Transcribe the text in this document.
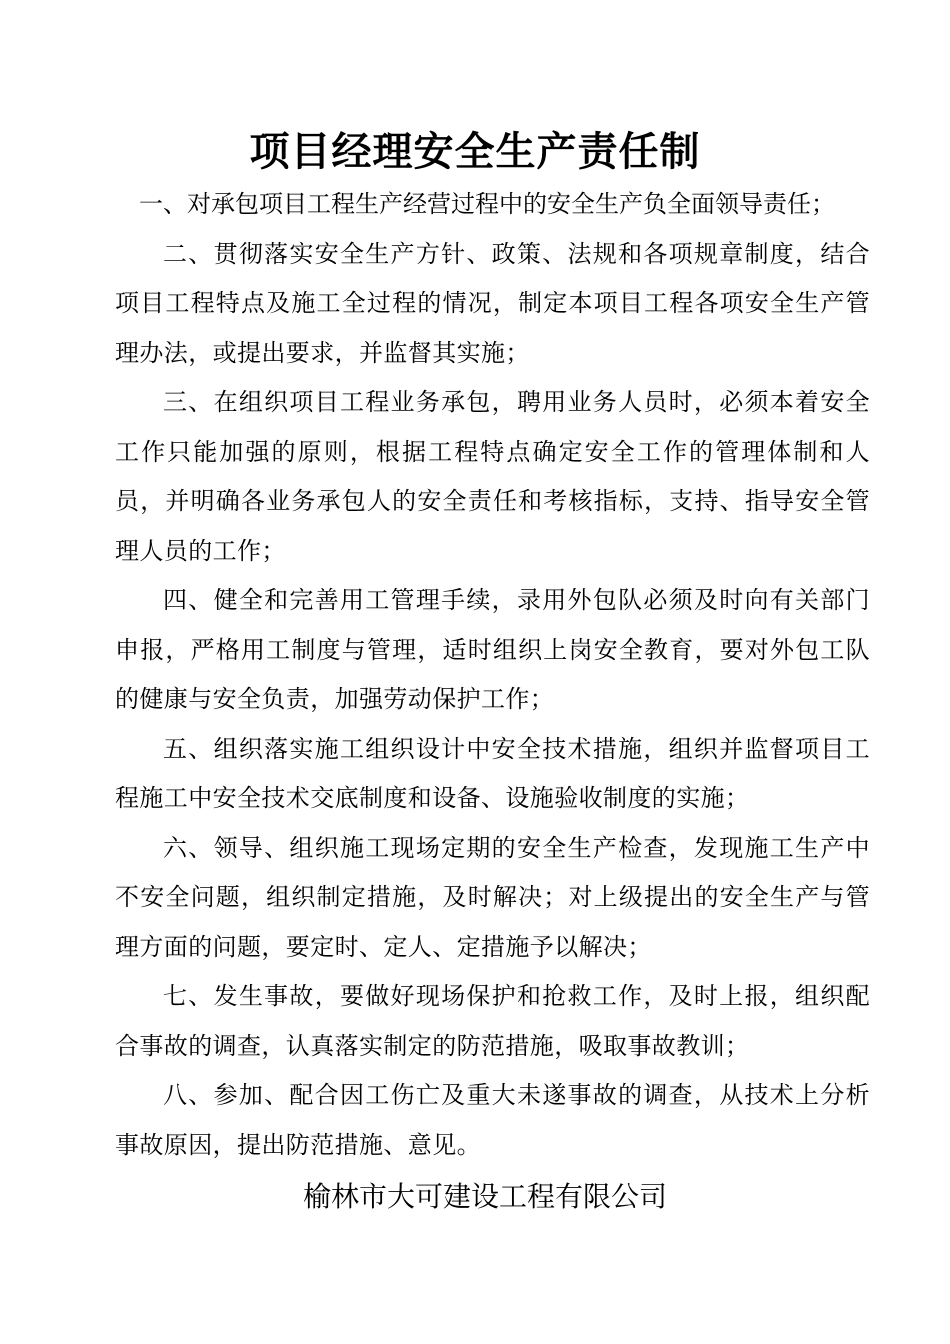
项目经理安全生产责任制

一、对承包项目工程生产经营过程中的安全生产负全面领导责任；

二、贯彻落实安全生产方针、政策、法规和各项规章制度，结合项目工程特点及施工全过程的情况，制定本项目工程各项安全生产管理办法，或提出要求，并监督其实施；

三、在组织项目工程业务承包，聘用业务人员时，必须本着安全工作只能加强的原则，根据工程特点确定安全工作的管理体制和人员，并明确各业务承包人的安全责任和考核指标，支持、指导安全管理人员的工作；

四、健全和完善用工管理手续，录用外包队必须及时向有关部门申报，严格用工制度与管理，适时组织上岗安全教育，要对外包工队的健康与安全负责，加强劳动保护工作；

五、组织落实施工组织设计中安全技术措施，组织并监督项目工程施工中安全技术交底制度和设备、设施验收制度的实施；

六、领导、组织施工现场定期的安全生产检查，发现施工生产中不安全问题，组织制定措施，及时解决；对上级提出的安全生产与管理方面的问题，要定时、定人、定措施予以解决；

七、发生事故，要做好现场保护和抢救工作，及时上报，组织配合事故的调查，认真落实制定的防范措施，吸取事故教训；

八、参加、配合因工伤亡及重大未遂事故的调查，从技术上分析事故原因，提出防范措施、意见。

榆林市大可建设工程有限公司
